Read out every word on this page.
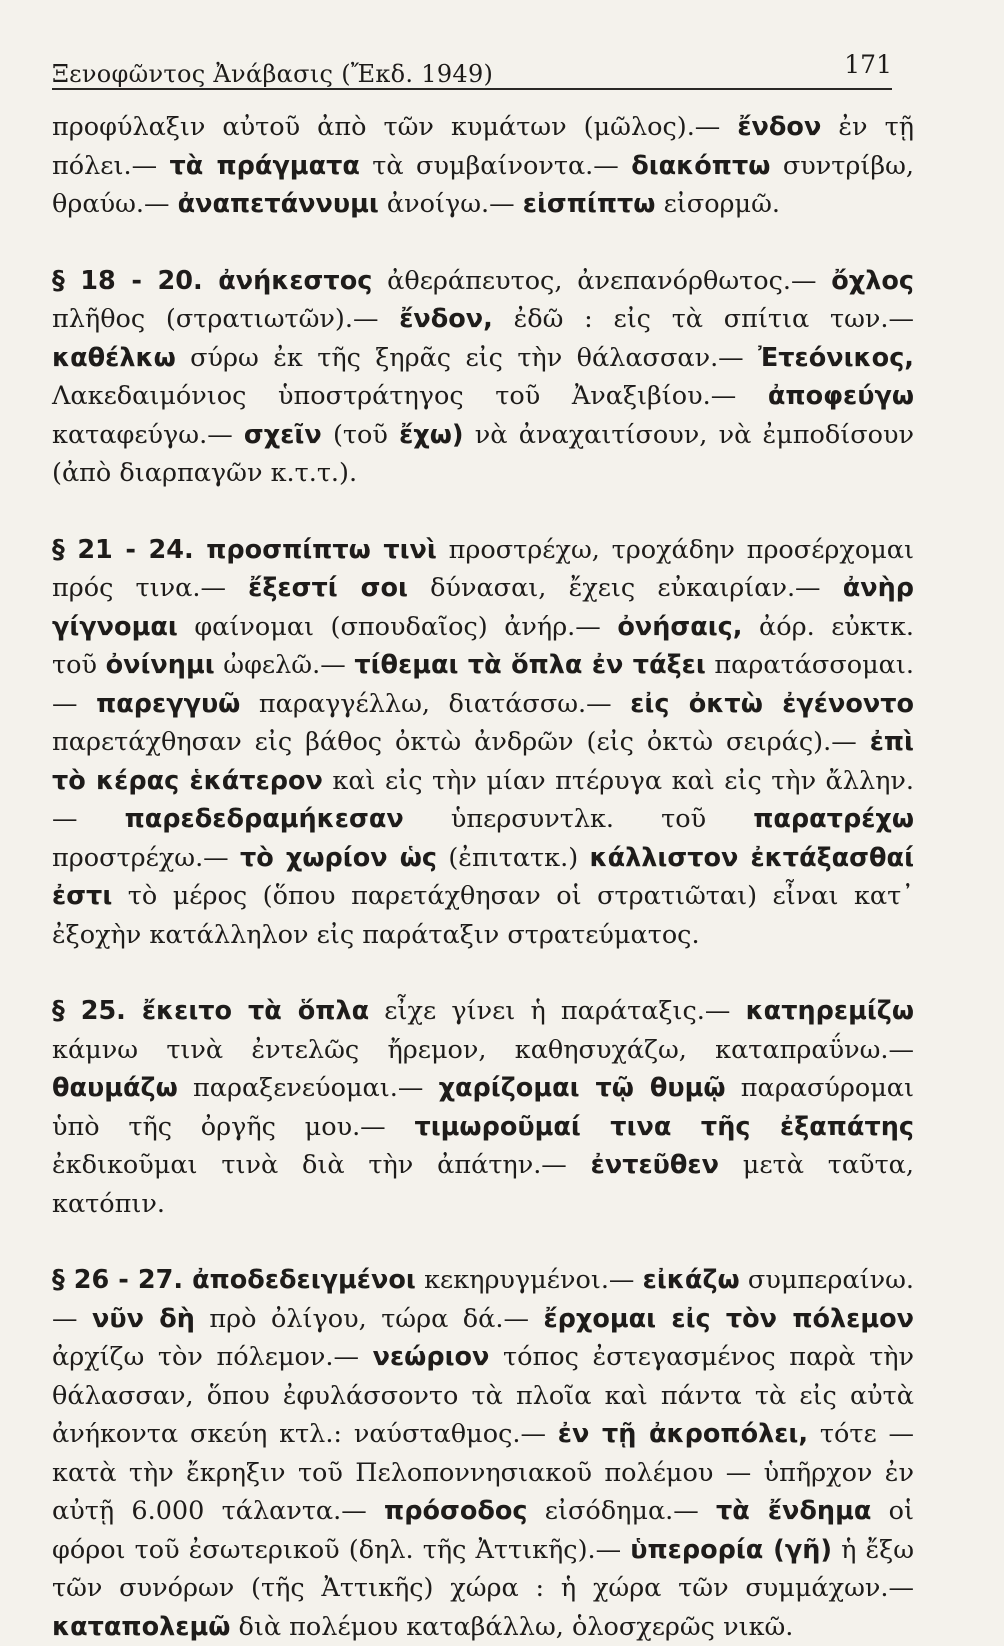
Ξενοφῶντος Ἀνάβασις (Ἔκδ. 1949)	171

προφύλαξιν αὐτοῦ ἀπὸ τῶν κυμάτων (μῶλος).— ἔνδον ἐν τῇ πόλει.— τὰ πράγματα τὰ συμβαίνοντα.— διακόπτω συντρίβω, θραύω.— ἀναπετάννυμι ἀνοίγω.— εἰσπίπτω εἰσορμῶ.

§ 18 - 20. ἀνήκεστος ἀθεράπευτος, ἀνεπανόρθωτος.— ὄχλος πλῆθος (στρατιωτῶν).— ἔνδον, ἐδῶ : εἰς τὰ σπίτια των.— καθέλκω σύρω ἐκ τῆς ξηρᾶς εἰς τὴν θάλασσαν.— Ἐτεόνικος, Λακεδαιμόνιος ὑποστράτηγος τοῦ Ἀναξιβίου.— ἀποφεύγω καταφεύγω.— σχεῖν (τοῦ ἔχω) νὰ ἀναχαιτίσουν, νὰ ἐμποδίσουν (ἀπὸ διαρπαγῶν κ.τ.τ.).

§ 21 - 24. προσπίπτω τινὶ προστρέχω, τροχάδην προσέρχομαι πρός τινα.— ἔξεστί σοι δύνασαι, ἔχεις εὐκαιρίαν.— ἀνὴρ γίγνομαι φαίνομαι (σπουδαῖος) ἀνήρ.— ὀνήσαις, ἀόρ. εὐκτκ. τοῦ ὀνίνημι ὠφελῶ.— τίθεμαι τὰ ὅπλα ἐν τάξει παρατάσσομαι.— παρεγγυῶ παραγγέλλω, διατάσσω.— εἰς ὀκτὼ ἐγένοντο παρετάχθησαν εἰς βάθος ὀκτὼ ἀνδρῶν (εἰς ὀκτὼ σειράς).— ἐπὶ τὸ κέρας ἑκάτερον καὶ εἰς τὴν μίαν πτέρυγα καὶ εἰς τὴν ἄλλην.— παρεδεδραμήκεσαν ὑπερσυντλκ. τοῦ παρατρέχω προστρέχω.— τὸ χωρίον ὡς (ἐπιτατκ.) κάλλιστον ἐκτάξασθαί ἐστι τὸ μέρος (ὅπου παρετάχθησαν οἱ στρατιῶται) εἶναι κατ᾽ ἐξοχὴν κατάλληλον εἰς παράταξιν στρατεύματος.

§ 25. ἔκειτο τὰ ὅπλα εἶχε γίνει ἡ παράταξις.— κατηρεμίζω κάμνω τινὰ ἐντελῶς ἤρεμον, καθησυχάζω, καταπραΰνω.— θαυμάζω παραξενεύομαι.— χαρίζομαι τῷ θυμῷ παρασύρομαι ὑπὸ τῆς ὀργῆς μου.— τιμωροῦμαί τινα τῆς ἐξαπάτης ἐκδικοῦμαι τινὰ διὰ τὴν ἀπάτην.— ἐντεῦθεν μετὰ ταῦτα, κατόπιν.

§ 26 - 27. ἀποδεδειγμένοι κεκηρυγμένοι.— εἰκάζω συμπεραίνω.— νῦν δὴ πρὸ ὀλίγου, τώρα δά.— ἔρχομαι εἰς τὸν πόλεμον ἀρχίζω τὸν πόλεμον.— νεώριον τόπος ἐστεγασμένος παρὰ τὴν θάλασσαν, ὅπου ἐφυλάσσοντο τὰ πλοῖα καὶ πάντα τὰ εἰς αὐτὰ ἀνήκοντα σκεύη κτλ.: ναύσταθμος.— ἐν τῇ ἀκροπόλει, τότε — κατὰ τὴν ἔκρηξιν τοῦ Πελοποννησιακοῦ πολέμου — ὑπῆρχον ἐν αὐτῇ 6.000 τάλαντα.— πρόσοδος εἰσόδημα.— τὰ ἔνδημα οἱ φόροι τοῦ ἐσωτερικοῦ (δηλ. τῆς Ἀττικῆς).— ὑπερορία (γῆ) ἡ ἔξω τῶν συνόρων (τῆς Ἀττικῆς) χώρα : ἡ χώρα τῶν συμμάχων.— καταπολεμῶ διὰ πολέμου καταβάλλω, ὁλοσχερῶς νικῶ.
